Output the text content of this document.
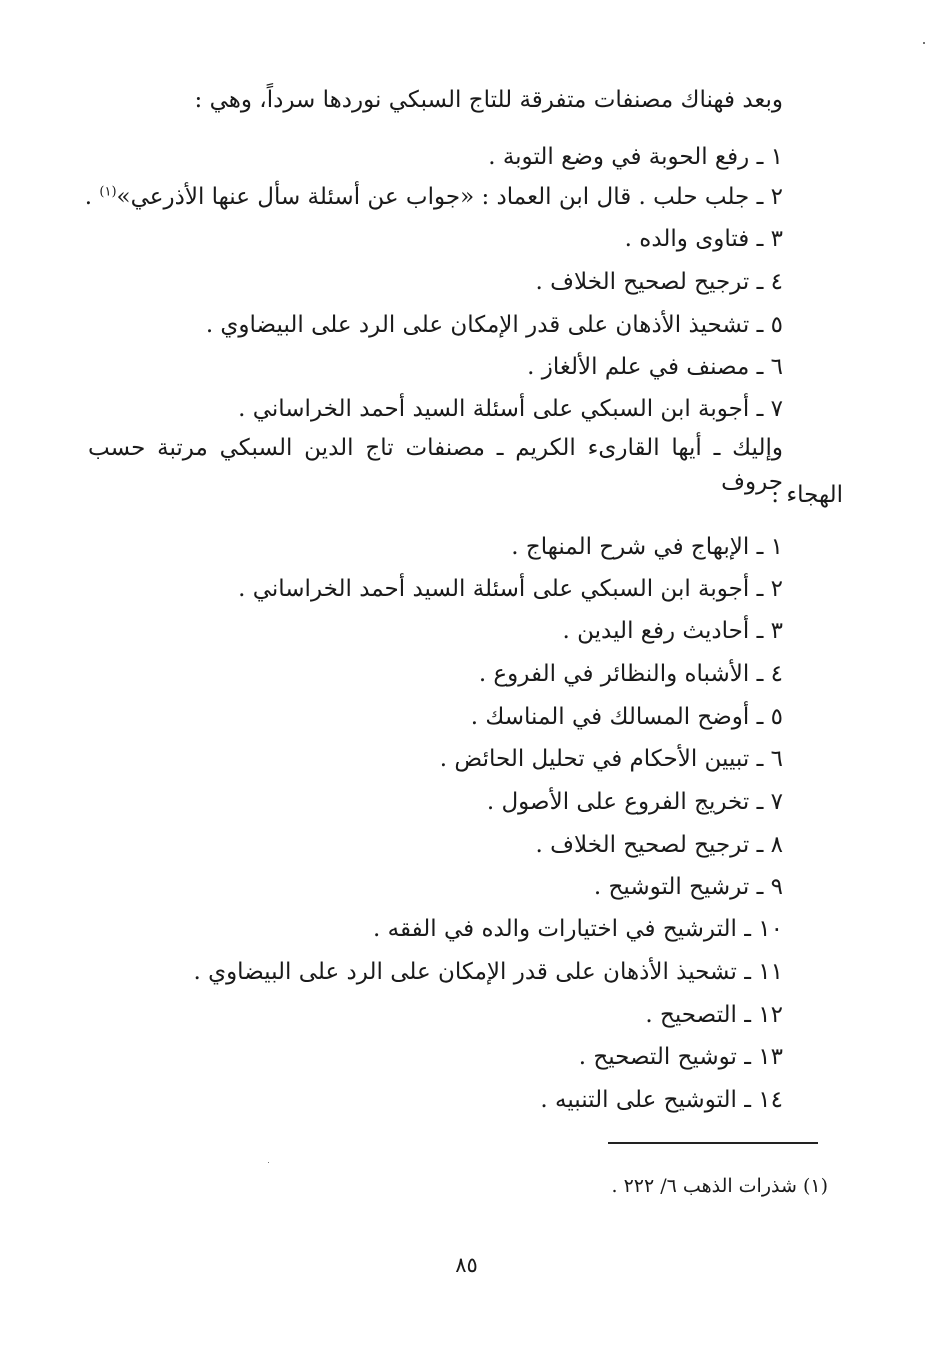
وبعد فهناك مصنفات متفرقة للتاج السبكي نوردها سرداً، وهي :
١ ـ رفع الحوبة في وضع التوبة .
٢ ـ جلب حلب . قال ابن العماد : «جواب عن أسئلة سأل عنها الأذرعي»$^{(١)}$ .
٣ ـ فتاوى والده .
٤ ـ ترجيح لصحيح الخلاف .
٥ ـ تشحيذ الأذهان على قدر الإمكان على الرد على البيضاوي .
٦ ـ مصنف في علم الألغاز .
٧ ـ أجوبة ابن السبكي على أسئلة السيد أحمد الخراساني .
وإليك ـ أيها القارىء الكريم ـ مصنفات تاج الدين السبكي مرتبة حسب حروف
الهجاء :
١ ـ الإبهاج في شرح المنهاج .
٢ ـ أجوبة ابن السبكي على أسئلة السيد أحمد الخراساني .
٣ ـ أحاديث رفع اليدين .
٤ ـ الأشباه والنظائر في الفروع .
٥ ـ أوضح المسالك في المناسك .
٦ ـ تبيين الأحكام في تحليل الحائض .
٧ ـ تخريج الفروع على الأصول .
٨ ـ ترجيح لصحيح الخلاف .
٩ ـ ترشيح التوشيح .
١٠ ـ الترشيح في اختيارات والده في الفقه .
١١ ـ تشحيذ الأذهان على قدر الإمكان على الرد على البيضاوي .
١٢ ـ التصحيح .
١٣ ـ توشيح التصحيح .
١٤ ـ التوشيح على التنبيه .
(١) شذرات الذهب ٦/ ٢٢٢ .
٨٥
